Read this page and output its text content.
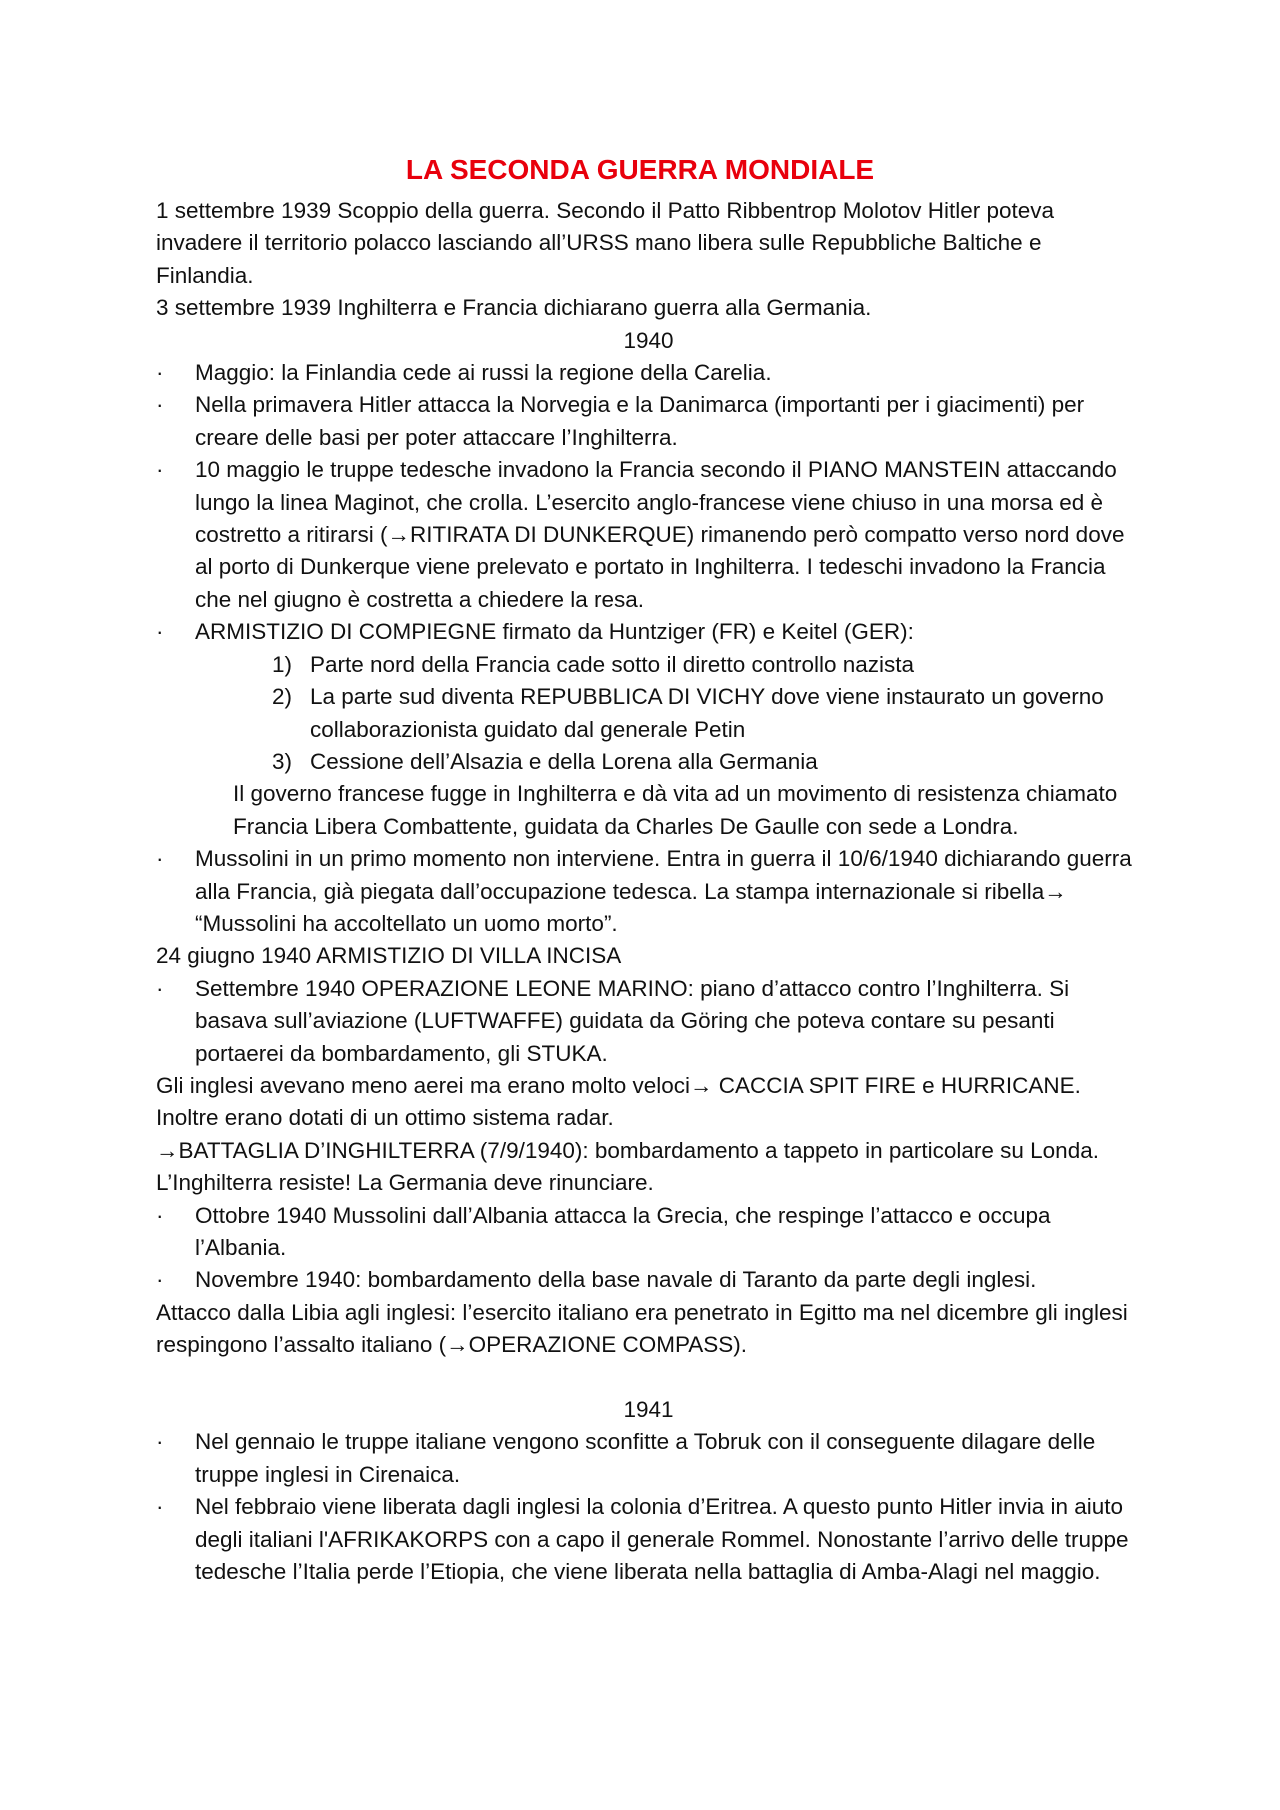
LA SECONDA GUERRA MONDIALE

1 settembre 1939 Scoppio della guerra. Secondo il Patto Ribbentrop Molotov Hitler poteva invadere il territorio polacco lasciando all’URSS mano libera sulle Repubbliche Baltiche e Finlandia.

3 settembre 1939 Inghilterra e Francia dichiarano guerra alla Germania.

1940

·	Maggio: la Finlandia cede ai russi la regione della Carelia.

·	Nella primavera Hitler attacca la Norvegia e la Danimarca (importanti per i giacimenti) per creare delle basi per poter attaccare l’Inghilterra.

·	10 maggio le truppe tedesche invadono la Francia secondo il PIANO MANSTEIN attaccando lungo la linea Maginot, che crolla. L’esercito anglo-francese viene chiuso in una morsa ed è costretto a ritirarsi (→RITIRATA DI DUNKERQUE) rimanendo però compatto verso nord dove al porto di Dunkerque viene prelevato e portato in Inghilterra. I tedeschi invadono la Francia che nel giugno è costretta a chiedere la resa.

·	ARMISTIZIO DI COMPIEGNE firmato da Huntziger (FR) e Keitel (GER):

1) Parte nord della Francia cade sotto il diretto controllo nazista

2) La parte sud diventa REPUBBLICA DI VICHY dove viene instaurato un governo collaborazionista guidato dal generale Petin

3) Cessione dell’Alsazia e della Lorena alla Germania

Il governo francese fugge in Inghilterra e dà vita ad un movimento di resistenza chiamato Francia Libera Combattente, guidata da Charles De Gaulle con sede a Londra.

·	Mussolini in un primo momento non interviene. Entra in guerra il 10/6/1940 dichiarando guerra alla Francia, già piegata dall’occupazione tedesca. La stampa internazionale si ribella→ “Mussolini ha accoltellato un uomo morto”.

24 giugno 1940 ARMISTIZIO DI VILLA INCISA

·	Settembre 1940 OPERAZIONE LEONE MARINO: piano d’attacco contro l’Inghilterra. Si basava sull’aviazione (LUFTWAFFE) guidata da Göring che poteva contare su pesanti portaerei da bombardamento, gli STUKA.

Gli inglesi avevano meno aerei ma erano molto veloci→ CACCIA SPIT FIRE e HURRICANE. Inoltre erano dotati di un ottimo sistema radar.

→BATTAGLIA D’INGHILTERRA (7/9/1940): bombardamento a tappeto in particolare su Londa. L’Inghilterra resiste! La Germania deve rinunciare.

·	Ottobre 1940 Mussolini dall’Albania attacca la Grecia, che respinge l’attacco e occupa l’Albania.

·	Novembre 1940: bombardamento della base navale di Taranto da parte degli inglesi.

Attacco dalla Libia agli inglesi: l’esercito italiano era penetrato in Egitto ma nel dicembre gli inglesi respingono l’assalto italiano (→OPERAZIONE COMPASS).

1941

·	Nel gennaio le truppe italiane vengono sconfitte a Tobruk con il conseguente dilagare delle truppe inglesi in Cirenaica.

·	Nel febbraio viene liberata dagli inglesi la colonia d’Eritrea. A questo punto Hitler invia in aiuto degli italiani l'AFRIKAKORPS con a capo il generale Rommel. Nonostante l’arrivo delle truppe tedesche l’Italia perde l’Etiopia, che viene liberata nella battaglia di Amba-Alagi nel maggio.
